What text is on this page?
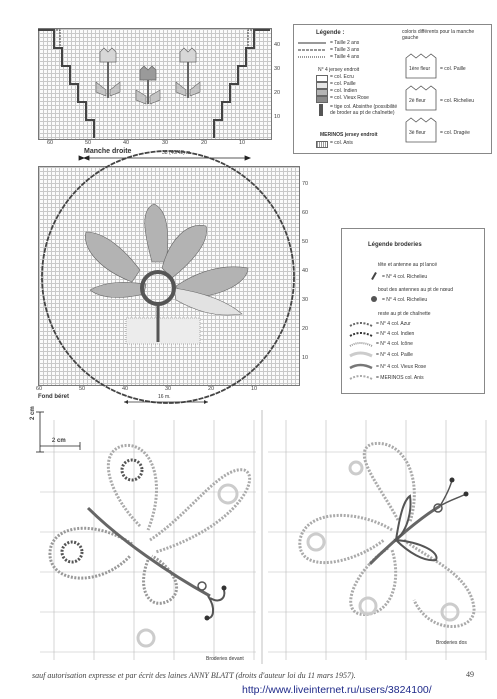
60	50	40	30	20	10
40
30
20
10
Manche droite	38 (40/42) m.
Légende :
= Taille 2 ans
= Taille 3 ans
= Taille 4 ans
N° 4 jersey endroit
= col. Ecru
= col. Paille
= col. Indien
= col. Vieux Rose
= tige col. Absinthe (possibilité de broder au pt de chaînette)
MERINOS jersey endroit
= col. Anis
coloris différents pour la manche gauche
1ère fleur = col. Paille
2è fleur	= col. Richelieu
3è fleur	= col. Dragée
60	50	40	30	20	10
70
60
50
40
30
20
10
Fond béret	16 m.
Légende broderies
tête et antenne au pt lancé
= N° 4 col. Richelieu
bout des antennes au pt de nœud
= N° 4 col. Richelieu
reste au pt de chaînette
= N° 4 col. Azur
= N° 4 col. Indien
= N° 4 col. Icône
= N° 4 col. Paille
= N° 4 col. Vieux Rose
= MERINOS col. Anis
2 cm
2 cm
Broderies devant
Broderies dos
sauf autorisation expresse et par écrit des laines ANNY BLATT (droits d'auteur loi du 11 mars 1957).	49
http://www.liveinternet.ru/users/3824100/
